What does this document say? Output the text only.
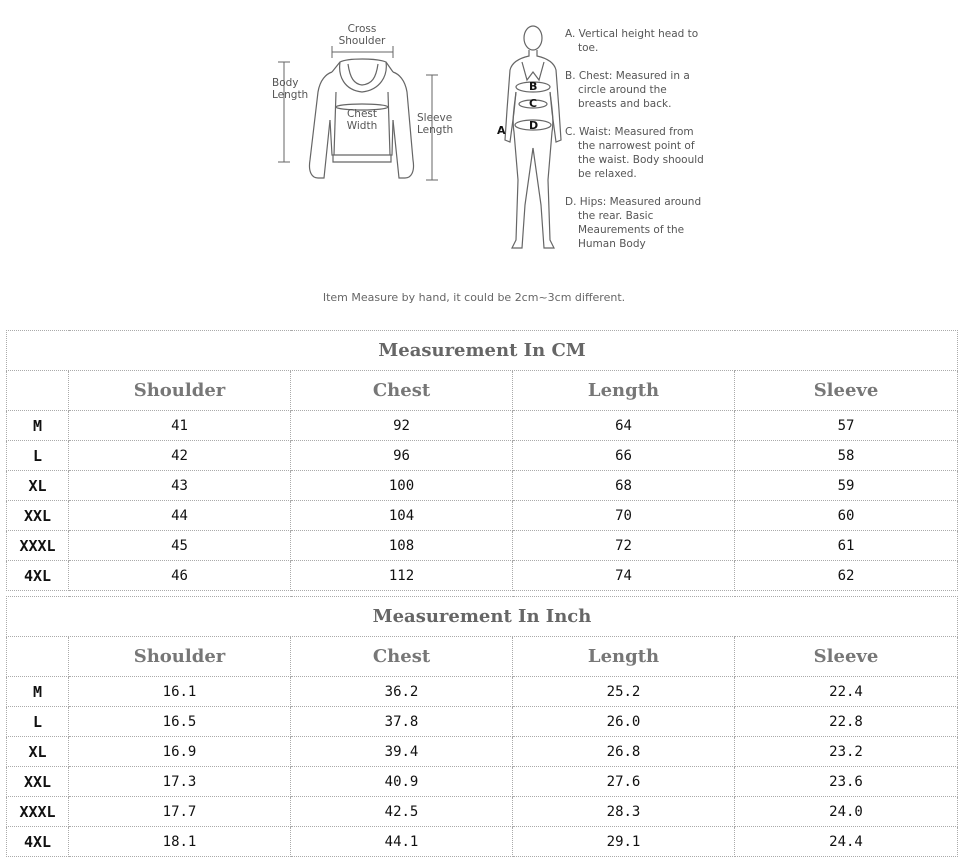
Cross
Shoulder
Body
Length
Chest
Width
Sleeve
Length	A
B
C
D

A. Vertical height head to toe.

B. Chest: Measured in a circle around the breasts and back.

C. Waist: Measured from the narrowest point of the waist. Body shoould be relaxed.

D. Hips: Measured around the rear. Basic Meaurements of the Human Body

Item Measure by hand, it could be 2cm~3cm different.
Measurement In CM				
	Shoulder	Chest	Length	Sleeve
M	41	92	64	57
L	42	96	66	58
XL	43	100	68	59
XXL	44	104	70	60
XXXL	45	108	72	61
4XL	46	112	74	62
Measurement In Inch				
	Shoulder	Chest	Length	Sleeve
M	16.1	36.2	25.2	22.4
L	16.5	37.8	26.0	22.8
XL	16.9	39.4	26.8	23.2
XXL	17.3	40.9	27.6	23.6
XXXL	17.7	42.5	28.3	24.0
4XL	18.1	44.1	29.1	24.4
